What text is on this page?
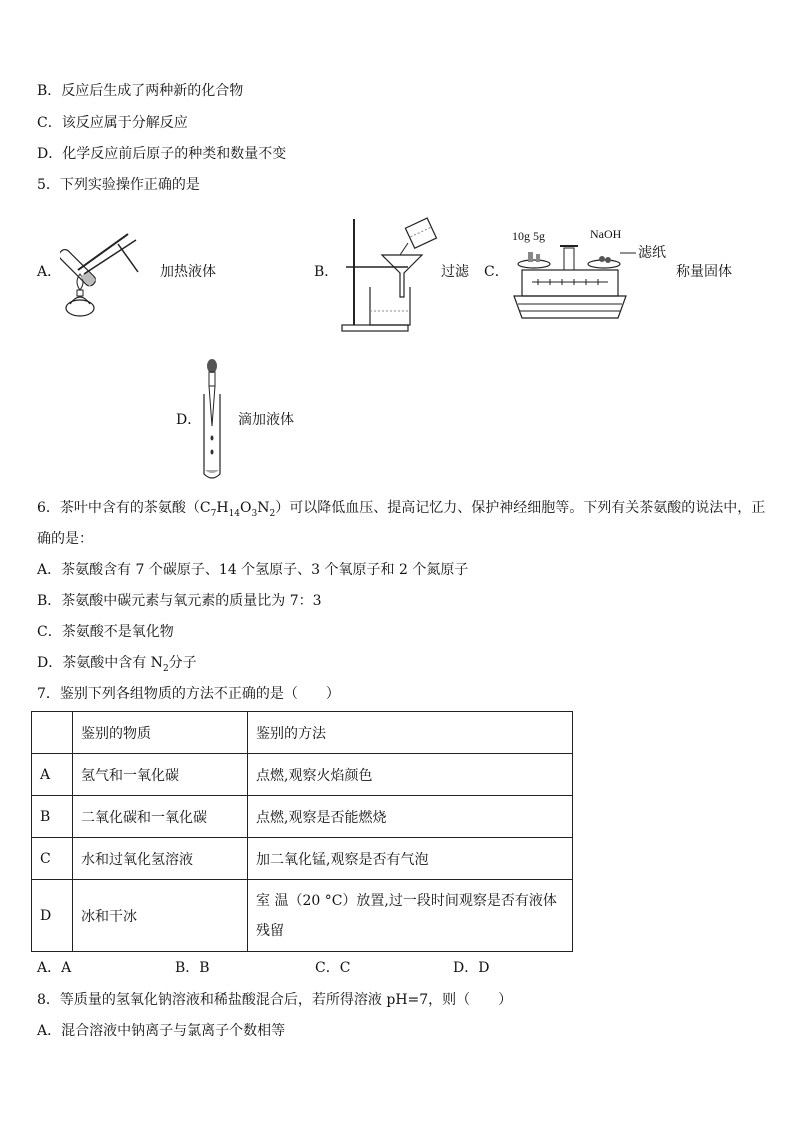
B．反应后生成了两种新的化合物
C．该反应属于分解反应
D．化学反应前后原子的种类和数量不变
5．下列实验操作正确的是
A．	加热液体	B．	过滤 C．
10g 5g	NaOH
滤纸
称量固体
D．	滴加液体
6．茶叶中含有的茶氨酸$(C_7H_{14}O_3N_2)$可以降低血压、提高记忆力、保护神经细胞等。下列有关茶氨酸的说法中，正
确的是：
A．茶氨酸含有 7 个碳原子、14 个氢原子、3 个氧原子和 2 个氮原子
B．茶氨酸中碳元素与氧元素的质量比为 7：3
C．茶氨酸不是氧化物
D．茶氨酸中含有 $N_2$分子
7．鉴别下列各组物质的方法不正确的是（　　）
	鉴别的物质	鉴别的方法
A	氢气和一氧化碳	点燃,观察火焰颜色
B	二氧化碳和一氧化碳	点燃,观察是否能燃烧
C	水和过氧化氢溶液	加二氧化锰,观察是否有气泡
D	冰和干冰	室 温（20 °C）放置,过一段时间观察是否有液体残留
A．A	B．B	C．C	D．D
8．等质量的氢氧化钠溶液和稀盐酸混合后，若所得溶液 pH=7，则（　　）
A．混合溶液中钠离子与氯离子个数相等
